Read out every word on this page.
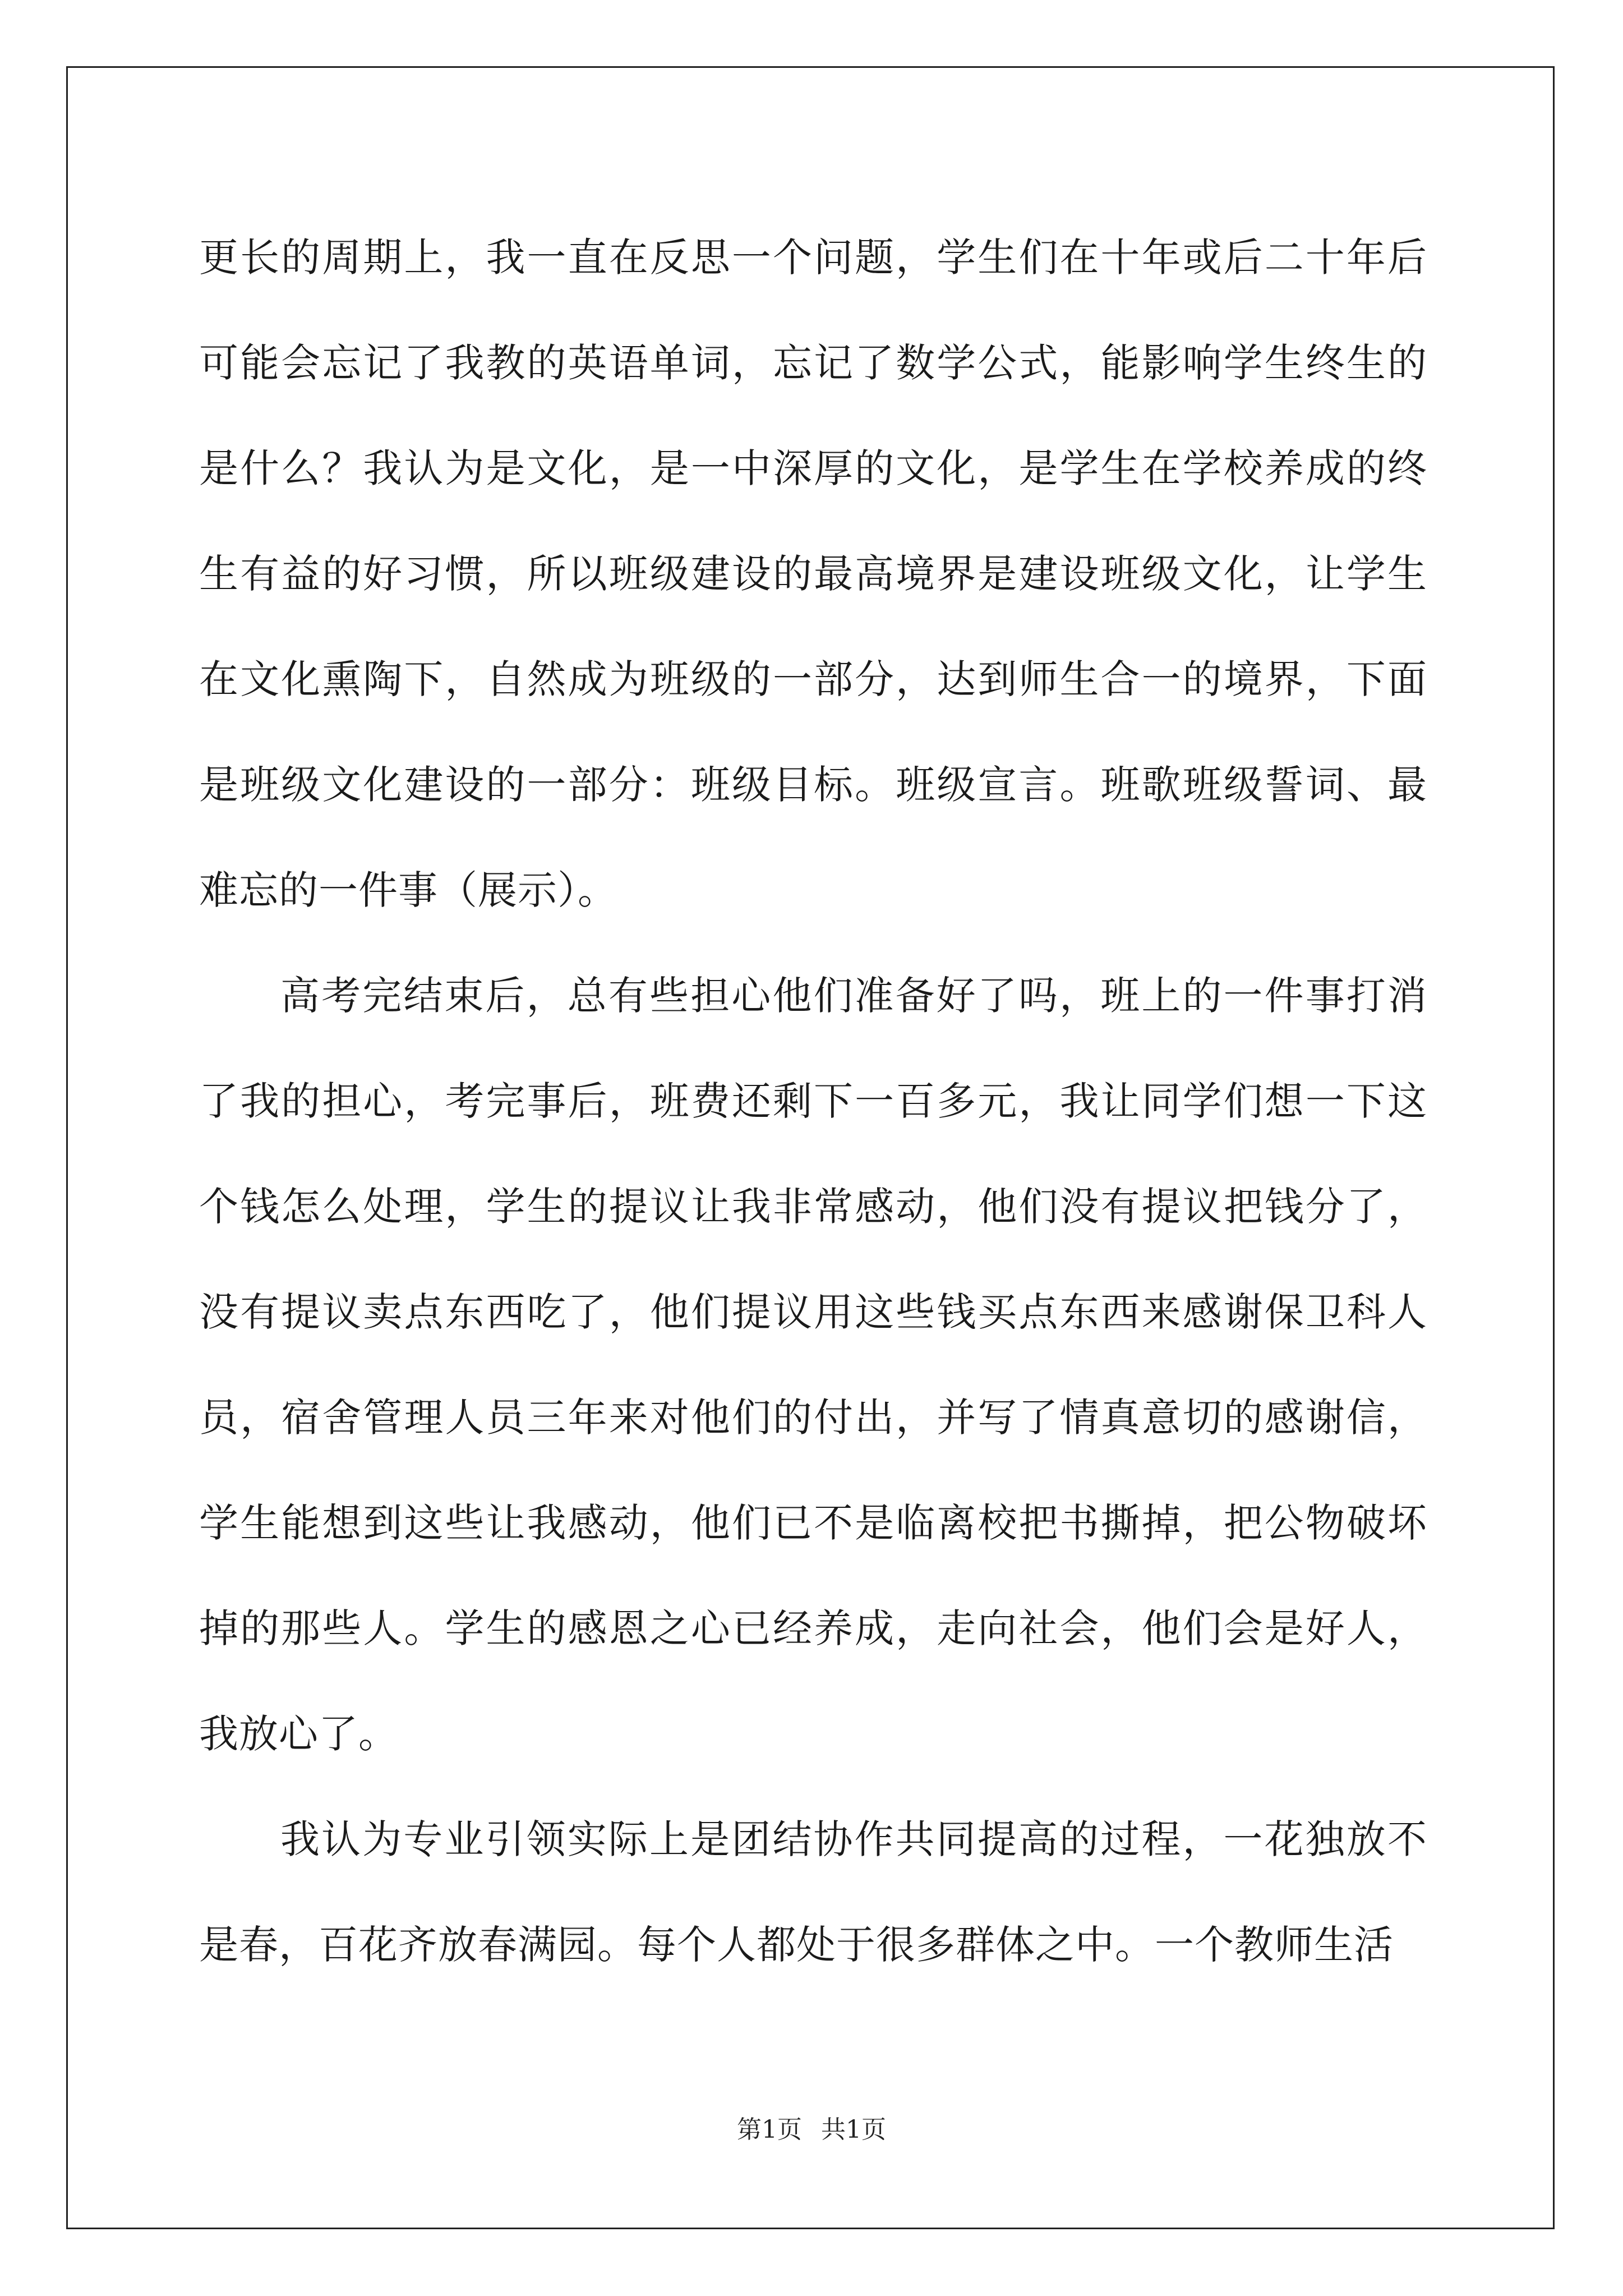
更长的周期上，我一直在反思一个问题，学生们在十年或后二十年后可能会忘记了我教的英语单词，忘记了数学公式，能影响学生终生的是什么？我认为是文化，是一中深厚的文化，是学生在学校养成的终生有益的好习惯，所以班级建设的最高境界是建设班级文化，让学生在文化熏陶下，自然成为班级的一部分，达到师生合一的境界，下面是班级文化建设的一部分：班级目标。班级宣言。班歌班级誓词、最难忘的一件事（展示）。

高考完结束后，总有些担心他们准备好了吗，班上的一件事打消了我的担心，考完事后，班费还剩下一百多元，我让同学们想一下这个钱怎么处理，学生的提议让我非常感动，他们没有提议把钱分了，没有提议卖点东西吃了，他们提议用这些钱买点东西来感谢保卫科人员，宿舍管理人员三年来对他们的付出，并写了情真意切的感谢信，学生能想到这些让我感动，他们已不是临离校把书撕掉，把公物破坏掉的那些人。学生的感恩之心已经养成，走向社会，他们会是好人，我放心了。

我认为专业引领实际上是团结协作共同提高的过程，一花独放不是春，百花齐放春满园。每个人都处于很多群体之中。一个教师生活

第1页 共1页
